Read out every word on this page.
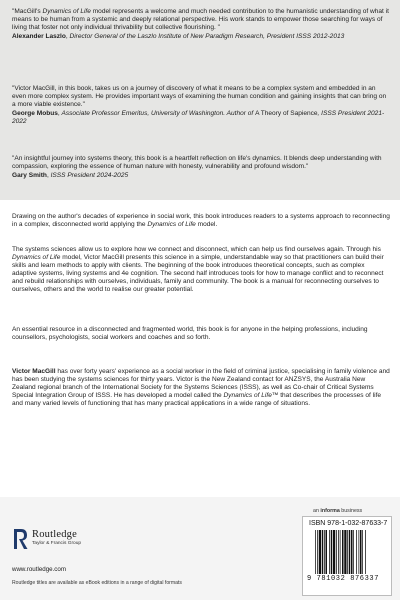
"MacGill's Dynamics of Life model represents a welcome and much needed contribution to the humanistic understanding of what it means to be human from a systemic and deeply relational perspective. His work stands to empower those searching for ways of living that foster not only individual thrivability but collective flourishing. "

Alexander Laszlo, Director General of the Laszlo Institute of New Paradigm Research, President ISSS 2012-2013

"Victor MacGill, in this book, takes us on a journey of discovery of what it means to be a complex system and embedded in an even more complex system. He provides important ways of examining the human condition and gaining insights that can bring on a more viable existence."

George Mobus, Associate Professor Emeritus, University of Washington. Author of A Theory of Sapience, ISSS President 2021-2022

"An insightful journey into systems theory, this book is a heartfelt reflection on life's dynamics. It blends deep understanding with compassion, exploring the essence of human nature with honesty, vulnerability and profound wisdom."

Gary Smith, ISSS President 2024-2025

Drawing on the author's decades of experience in social work, this book introduces readers to a systems approach to reconnecting in a complex, disconnected world applying the Dynamics of Life model.

The systems sciences allow us to explore how we connect and disconnect, which can help us find ourselves again. Through his Dynamics of Life model, Victor MacGill presents this science in a simple, understandable way so that practitioners can build their skills and learn methods to apply with clients. The beginning of the book introduces theoretical concepts, such as complex adaptive systems, living systems and 4e cognition. The second half introduces tools for how to manage conflict and to reconnect and rebuild relationships with ourselves, individuals, family and community. The book is a manual for reconnecting ourselves to ourselves, others and the world to realise our greater potential.

An essential resource in a disconnected and fragmented world, this book is for anyone in the helping professions, including counsellors, psychologists, social workers and coaches and so forth.

Victor MacGill has over forty years' experience as a social worker in the field of criminal justice, specialising in family violence and has been studying the systems sciences for thirty years. Victor is the New Zealand contact for ANZSYS, the Australia New Zealand regional branch of the International Society for the Systems Sciences (ISSS), as well as Co-chair of Critical Systems Special Integration Group of ISSS. He has developed a model called the Dynamics of Life™ that describes the processes of life and many varied levels of functioning that has many practical applications in a wide range of situations.

Routledge
Taylor & Francis Group
www.routledge.com
Routledge titles are available as eBook editions in a range of digital formats
an informa business
ISBN 978-1-032-87633-7
9 781032 876337
